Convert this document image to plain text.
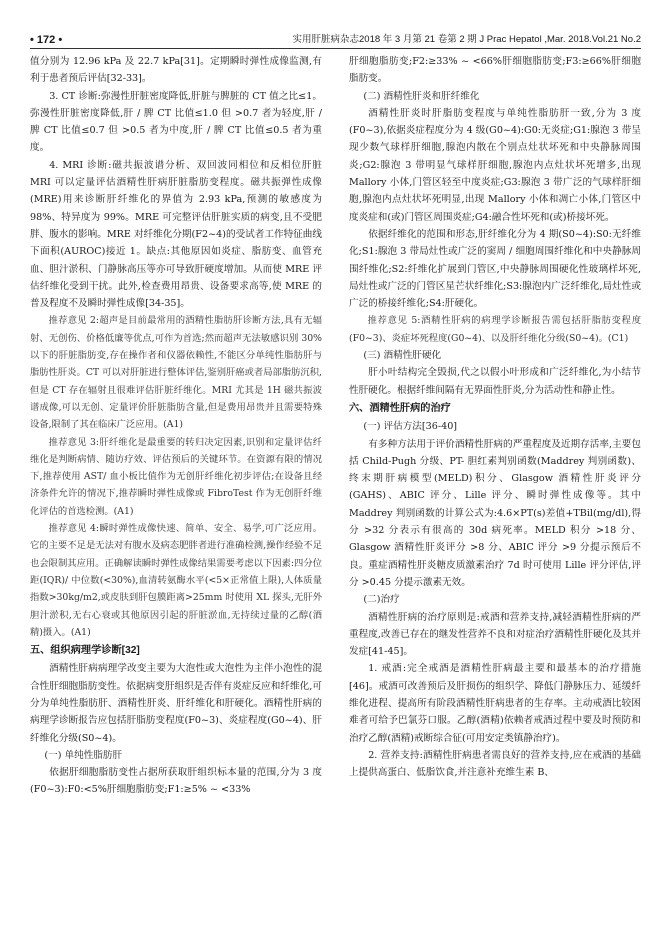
• 172 •	实用肝脏病杂志2018 年 3 月第 21 卷第 2 期 J Prac Hepatol ,Mar. 2018.Vol.21 No.2

值分别为 12.96 kPa 及 22.7 kPa[31]。定期瞬时弹性成像监测,有利于患者预后评估[32-33]。

3. CT 诊断:弥漫性肝脏密度降低,肝脏与脾脏的 CT 值之比≤1。弥漫性肝脏密度降低,肝 / 脾 CT 比值≤1.0 但 >0.7 者为轻度,肝 / 脾 CT 比值≤0.7 但 >0.5 者为中度,肝 / 脾 CT 比值≤0.5 者为重度。

4. MRI 诊断:磁共振波谱分析、双回波同相位和反相位肝脏 MRI 可以定量评估酒精性肝病肝脏脂肪变程度。磁共振弹性成像(MRE)用来诊断肝纤维化的界值为 2.93 kPa,预测的敏感度为 98%、特异度为 99%。MRE 可完整评估肝脏实质的病变,且不受肥胖、腹水的影响。MRE 对纤维化分期(F2~4)的受试者工作特征曲线下面积(AUROC)接近 1。缺点:其他原因如炎症、脂肪变、血管充血、胆汁淤积、门静脉高压等亦可导致肝硬度增加。从而使 MRE 评估纤维化受到干扰。此外,检查费用昂贵、设备要求高等,使 MRE 的普及程度不及瞬时弹性成像[34-35]。

推荐意见 2:超声是目前最常用的酒精性脂肪肝诊断方法,具有无辐射、无创伤、价格低廉等优点,可作为首选;然而超声无法敏感识别 30%以下的肝脏脂肪变,存在操作者和仪器依赖性,不能区分单纯性脂肪肝与脂肪性肝炎。CT 可以对肝脏进行整体评估,鉴别肝癌或者局部脂肪沉积,但是 CT 存在辐射且很难评估肝脏纤维化。MRI 尤其是 1H 磁共振波谱成像,可以无创、定量评价肝脏脂肪含量,但是费用昂贵并且需要特殊设备,限制了其在临床广泛应用。(A1)

推荐意见 3:肝纤维化是最重要的转归决定因素,识别和定量评估纤维化是判断病情、随访疗效、评估预后的关键环节。在资源有限的情况下,推荐使用 AST/ 血小板比值作为无创肝纤维化初步评估;在设备且经济条件允许的情况下,推荐瞬时弹性成像或 FibroTest 作为无创肝纤维化评估的首选检测。(A1)

推荐意见 4:瞬时弹性成像快速、简单、安全、易学,可广泛应用。它的主要不足是无法对有腹水及病态肥胖者进行准确检测,操作经验不足也会限制其应用。正确解读瞬时弹性成像结果需要考虑以下因素:四分位距(IQR)/ 中位数(<30%),血清转氨酶水平(<5×正常值上限),人体质量指数>30kg/m2,或皮肤到肝包膜距离>25mm 时使用 XL 探头,无肝外胆汁淤积,无右心衰或其他原因引起的肝脏淤血,无持续过量的乙醇(酒精)摄入。(A1)

五、组织病理学诊断[32]

酒精性肝病病理学改变主要为大泡性或大泡性为主伴小泡性的混合性肝细胞脂肪变性。依据病变肝组织是否伴有炎症反应和纤维化,可分为单纯性脂肪肝、酒精性肝炎、肝纤维化和肝硬化。酒精性肝病的病理学诊断报告应包括肝脂肪变程度(F0~3)、炎症程度(G0~4)、肝纤维化分级(S0~4)。

(一) 单纯性脂肪肝

依据肝细胞脂肪变性占据所获取肝组织标本量的范围,分为 3 度(F0~3):F0:<5%肝细胞脂肪变;F1:≥5% ~ <33%

肝细胞脂肪变;F2:≥33% ~ <66%肝细胞脂肪变;F3:≥66%肝细胞脂肪变。

(二) 酒精性肝炎和肝纤维化

酒精性肝炎时肝脂肪变程度与单纯性脂肪肝一致,分为 3 度(F0~3),依据炎症程度分为 4 级(G0~4):G0:无炎症;G1:腺泡 3 带呈现少数气球样肝细胞,腺泡内散在个别点灶状坏死和中央静脉周围炎;G2:腺泡 3 带明显气球样肝细胞,腺泡内点灶状坏死增多,出现 Mallory 小体,门管区轻至中度炎症;G3:腺泡 3 带广泛的气球样肝细胞,腺泡内点灶状坏死明显,出现 Mallory 小体和凋亡小体,门管区中度炎症和(或)门管区周围炎症;G4:融合性坏死和(或)桥接坏死。

依据纤维化的范围和形态,肝纤维化分为 4 期(S0~4):S0:无纤维化;S1:腺泡 3 带局灶性或广泛的窦周 / 细胞周围纤维化和中央静脉周围纤维化;S2:纤维化扩展到门管区,中央静脉周围硬化性玻璃样坏死,局灶性或广泛的门管区星芒状纤维化;S3:腺泡内广泛纤维化,局灶性或广泛的桥接纤维化;S4:肝硬化。

推荐意见 5:酒精性肝病的病理学诊断报告需包括肝脂肪变程度(F0~3)、炎症坏死程度(G0~4)、以及肝纤维化分级(S0~4)。(C1)

(三) 酒精性肝硬化

肝小叶结构完全毁损,代之以假小叶形成和广泛纤维化,为小结节性肝硬化。根据纤维间隔有无界面性肝炎,分为活动性和静止性。

六、酒精性肝病的治疗

(一) 评估方法[36-40]

有多种方法用于评价酒精性肝病的严重程度及近期存活率,主要包括 Child-Pugh 分级、PT- 胆红素判别函数(Maddrey 判别函数)、终末期肝病模型(MELD)积分、Glasgow 酒精性肝炎评分(GAHS)、ABIC 评分、Lille 评分、瞬时弹性成像等。其中 Maddrey 判别函数的计算公式为:4.6×PT(s)差值+TBil(mg/dl),得分 >32 分表示有很高的 30d 病死率。MELD 积分 >18 分、Glasgow 酒精性肝炎评分 >8 分、ABIC 评分 >9 分提示预后不良。重症酒精性肝炎糖皮质激素治疗 7d 时可使用 Lille 评分评估,评分 >0.45 分提示激素无效。

(二)治疗

酒精性肝病的治疗原则是:戒酒和营养支持,减轻酒精性肝病的严重程度,改善已存在的继发性营养不良和对症治疗酒精性肝硬化及其并发症[41-45]。

1. 戒酒:完全戒酒是酒精性肝病最主要和最基本的治疗措施[46]。戒酒可改善预后及肝损伤的组织学、降低门静脉压力、延缓纤维化进程、提高所有阶段酒精性肝病患者的生存率。主动戒酒比较困难者可给予巴氯芬口服。乙醇(酒精)依赖者戒酒过程中要及时预防和治疗乙醇(酒精)戒断综合征(可用安定类镇静治疗)。

2. 营养支持:酒精性肝病患者需良好的营养支持,应在戒酒的基础上提供高蛋白、低脂饮食,并注意补充维生素 B、
